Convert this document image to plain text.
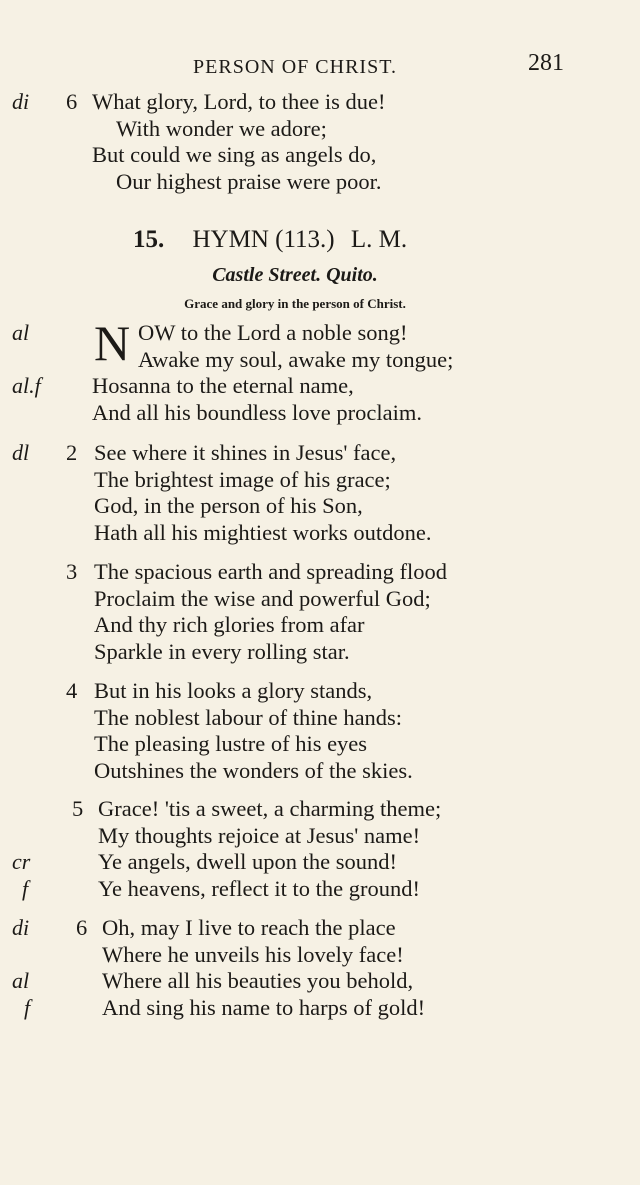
PERSON OF CHRIST.	281
di 6 What glory, Lord, to thee is due!
With wonder we adore;
But could we sing as angels do,
Our highest praise were poor.
15. HYMN (113.) L. M.
Castle Street. Quito.
Grace and glory in the person of Christ.
N
al	OW to the Lord a noble song!
Awake my soul, awake my tongue;
al.f Hosanna to the eternal name,
And all his boundless love proclaim.
dl 2 See where it shines in Jesus' face,
The brightest image of his grace;
God, in the person of his Son,
Hath all his mightiest works outdone.
3 The spacious earth and spreading flood
Proclaim the wise and powerful God;
And thy rich glories from afar
Sparkle in every rolling star.
4 But in his looks a glory stands,
The noblest labour of thine hands:
The pleasing lustre of his eyes
Outshines the wonders of the skies.
5 Grace! 'tis a sweet, a charming theme;
My thoughts rejoice at Jesus' name!
cr	Ye angels, dwell upon the sound!
f	Ye heavens, reflect it to the ground!
di 6 Oh, may I live to reach the place
Where he unveils his lovely face!
al	Where all his beauties you behold,
f	And sing his name to harps of gold!
